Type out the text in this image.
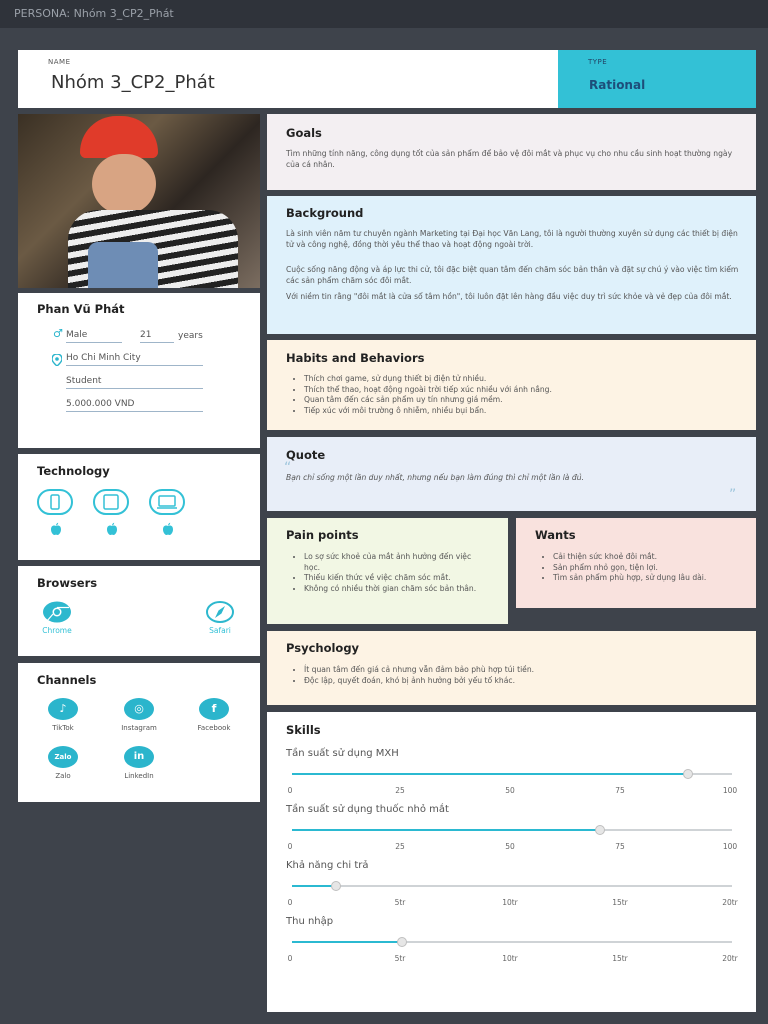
PERSONA: Nhóm 3_CP2_Phát
NAME
Nhóm 3_CP2_Phát
TYPE
Rational
Phan Vũ Phát
♂ Male	21	years
Ho Chi Minh City
Student
5.000.000 VND
Technology
Browsers
Chrome	Safari
Channels
♪
TikTok
◎
Instagram
f
Facebook
Zalo
Zalo
in
LinkedIn
Goals
Tìm những tính năng, công dụng tốt của sản phẩm để bảo vệ đôi mắt và phục vụ cho nhu cầu sinh hoạt thường ngày của cá nhân.
Background
Là sinh viên năm tư chuyên ngành Marketing tại Đại học Văn Lang, tôi là người thường xuyên sử dụng các thiết bị điện tử và công nghệ, đồng thời yêu thể thao và hoạt động ngoài trời.
Cuộc sống năng động và áp lực thi cử, tôi đặc biệt quan tâm đến chăm sóc bản thân và đặt sự chú ý vào việc tìm kiếm các sản phẩm chăm sóc đôi mắt.
Với niềm tin rằng "đôi mắt là cửa sổ tâm hồn", tôi luôn đặt lên hàng đầu việc duy trì sức khỏe và vẻ đẹp của đôi mắt.
Habits and Behaviors
• Thích chơi game, sử dụng thiết bị điện tử nhiều.
• Thích thể thao, hoạt động ngoài trời tiếp xúc nhiều với ánh nắng.
• Quan tâm đến các sản phẩm uy tín nhưng giá mềm.
• Tiếp xúc với môi trường ô nhiễm, nhiều bụi bẩn.
Quote
“
Bạn chỉ sống một lần duy nhất, nhưng nếu bạn làm đúng thì chỉ một lần là đủ.
”
Pain points
• Lo sợ sức khoẻ của mắt ảnh hưởng đến việc học.
• Thiếu kiến thức về việc chăm sóc mắt.
• Không có nhiều thời gian chăm sóc bản thân.
Wants
• Cải thiện sức khoẻ đôi mắt.
• Sản phẩm nhỏ gọn, tiện lợi.
• Tìm sản phẩm phù hợp, sử dụng lâu dài.
Psychology
• Ít quan tâm đến giá cả nhưng vẫn đảm bảo phù hợp túi tiền.
• Độc lập, quyết đoán, khó bị ảnh hưởng bởi yếu tố khác.
Skills
Tần suất sử dụng MXH
0	25	50	75	100
Tần suất sử dụng thuốc nhỏ mắt
0	25	50	75	100
Khả năng chi trả
0	5tr	10tr	15tr	20tr
Thu nhập
0	5tr	10tr	15tr	20tr
